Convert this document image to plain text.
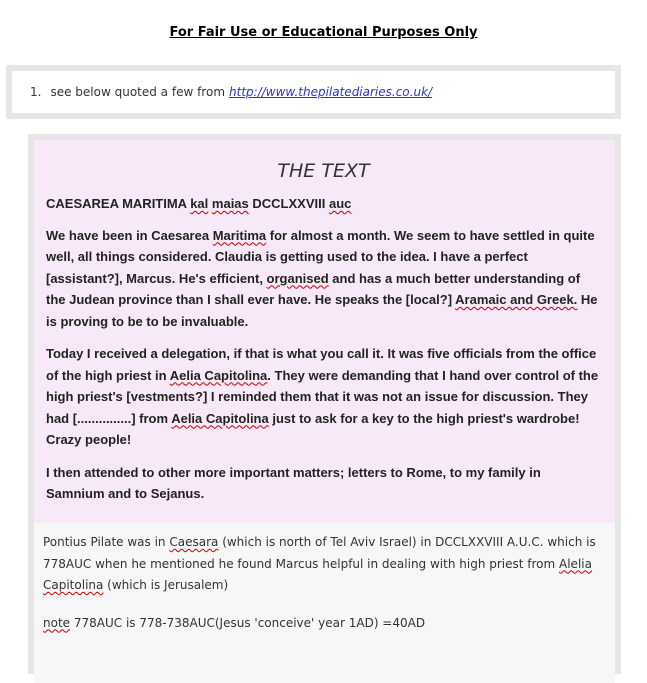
For Fair Use or Educational Purposes Only
1. see below quoted a few from http://www.thepilatediaries.co.uk/
THE TEXT

CAESAREA MARITIMA kal maias DCCLXXVIII auc

We have been in Caesarea Maritima for almost a month. We seem to have settled in quite well, all things considered. Claudia is getting used to the idea. I have a perfect [assistant?], Marcus. He's efficient, organised and has a much better understanding of the Judean province than I shall ever have. He speaks the [local?] Aramaic and Greek. He is proving to be to be invaluable.

Today I received a delegation, if that is what you call it. It was five officials from the office of the high priest in Aelia Capitolina. They were demanding that I hand over control of the high priest's [vestments?] I reminded them that it was not an issue for discussion. They had [...............] from Aelia Capitolina just to ask for a key to the high priest's wardrobe! Crazy people!

I then attended to other more important matters; letters to Rome, to my family in Samnium and to Sejanus.

Pontius Pilate was in Caesara (which is north of Tel Aviv Israel) in DCCLXXVIII A.U.C. which is 778AUC when he mentioned he found Marcus helpful in dealing with high priest from Alelia Capitolina (which is Jerusalem)

note 778AUC is 778-738AUC(Jesus 'conceive' year 1AD) =40AD
